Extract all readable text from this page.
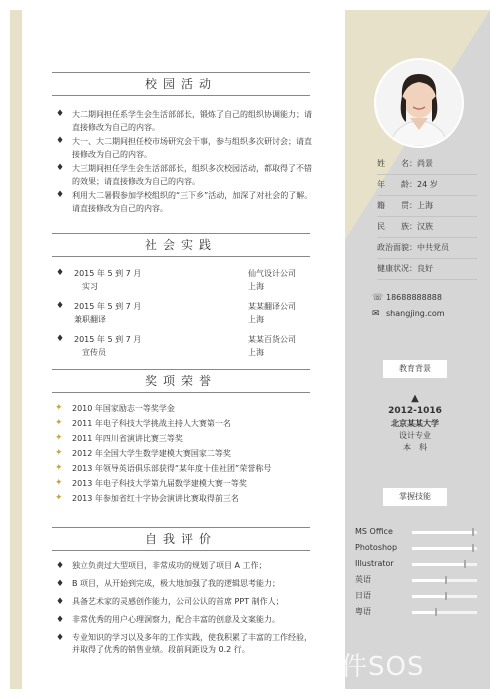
校园活动
♦ 大二期间担任系学生会生活部部长，锻炼了自己的组织协调能力；请直接修改为自己的内容。
♦ 大一、大二期间担任校市场研究会干事，参与组织多次研讨会；请直接修改为自己的内容。
♦ 大三期间担任学生会生活部部长，组织多次校园活动，都取得了不错的效果；请直接修改为自己的内容。
♦ 利用大二暑假参加学校组织的“三下乡”活动，加深了对社会的了解。请直接修改为自己的内容。
社会实践
♦ 2015 年 5 到 7 月
实习
仙气设计公司
上海
♦ 2015 年 5 到 7 月
兼职翻译
某某翻译公司
上海
♦ 2015 年 5 到 7 月
宣传员
某某百货公司
上海
奖项荣誉
✦ 2010 年国家励志一等奖学金
✦ 2011 年电子科技大学挑战主持人大赛第一名
✦ 2011 年四川省演讲比赛三等奖
✦ 2012 年全国大学生数学建模大赛国家二等奖
✦ 2013 年领导英语俱乐部获得“某年度十佳社团”荣誉称号
✦ 2013 年电子科技大学第九届数学建模大赛一等奖
✦ 2013 年参加省红十字协会演讲比赛取得前三名
自我评价
♦ 独立负责过大型项目，非常成功的规划了项目 A 工作；
♦ B 项目，从开始到完成，极大地加强了我的逻辑思考能力；
♦ 具备艺术家的灵感创作能力，公司公认的首席 PPT 制作人；
♦ 非常优秀的用户心理洞察力，配合丰富的创意及文案能力。
♦ 专业知识的学习以及多年的工作实践，使我积累了丰富的工作经验，并取得了优秀的销售业绩。段前间距设为 0.2 行。
姓　　名：尚景
年　　龄：24 岁
籍　　贯：上海
民　　族：汉族
政治面貌：中共党员
健康状况：良好
☏ 18688888888
✉ shangjing.com
教育背景
▲
2012-1016
北京某某大学
设计专业
本　科
掌握技能
MS Office
Photoshop
Illustrator
英语
日语
粤语
软件SOS
